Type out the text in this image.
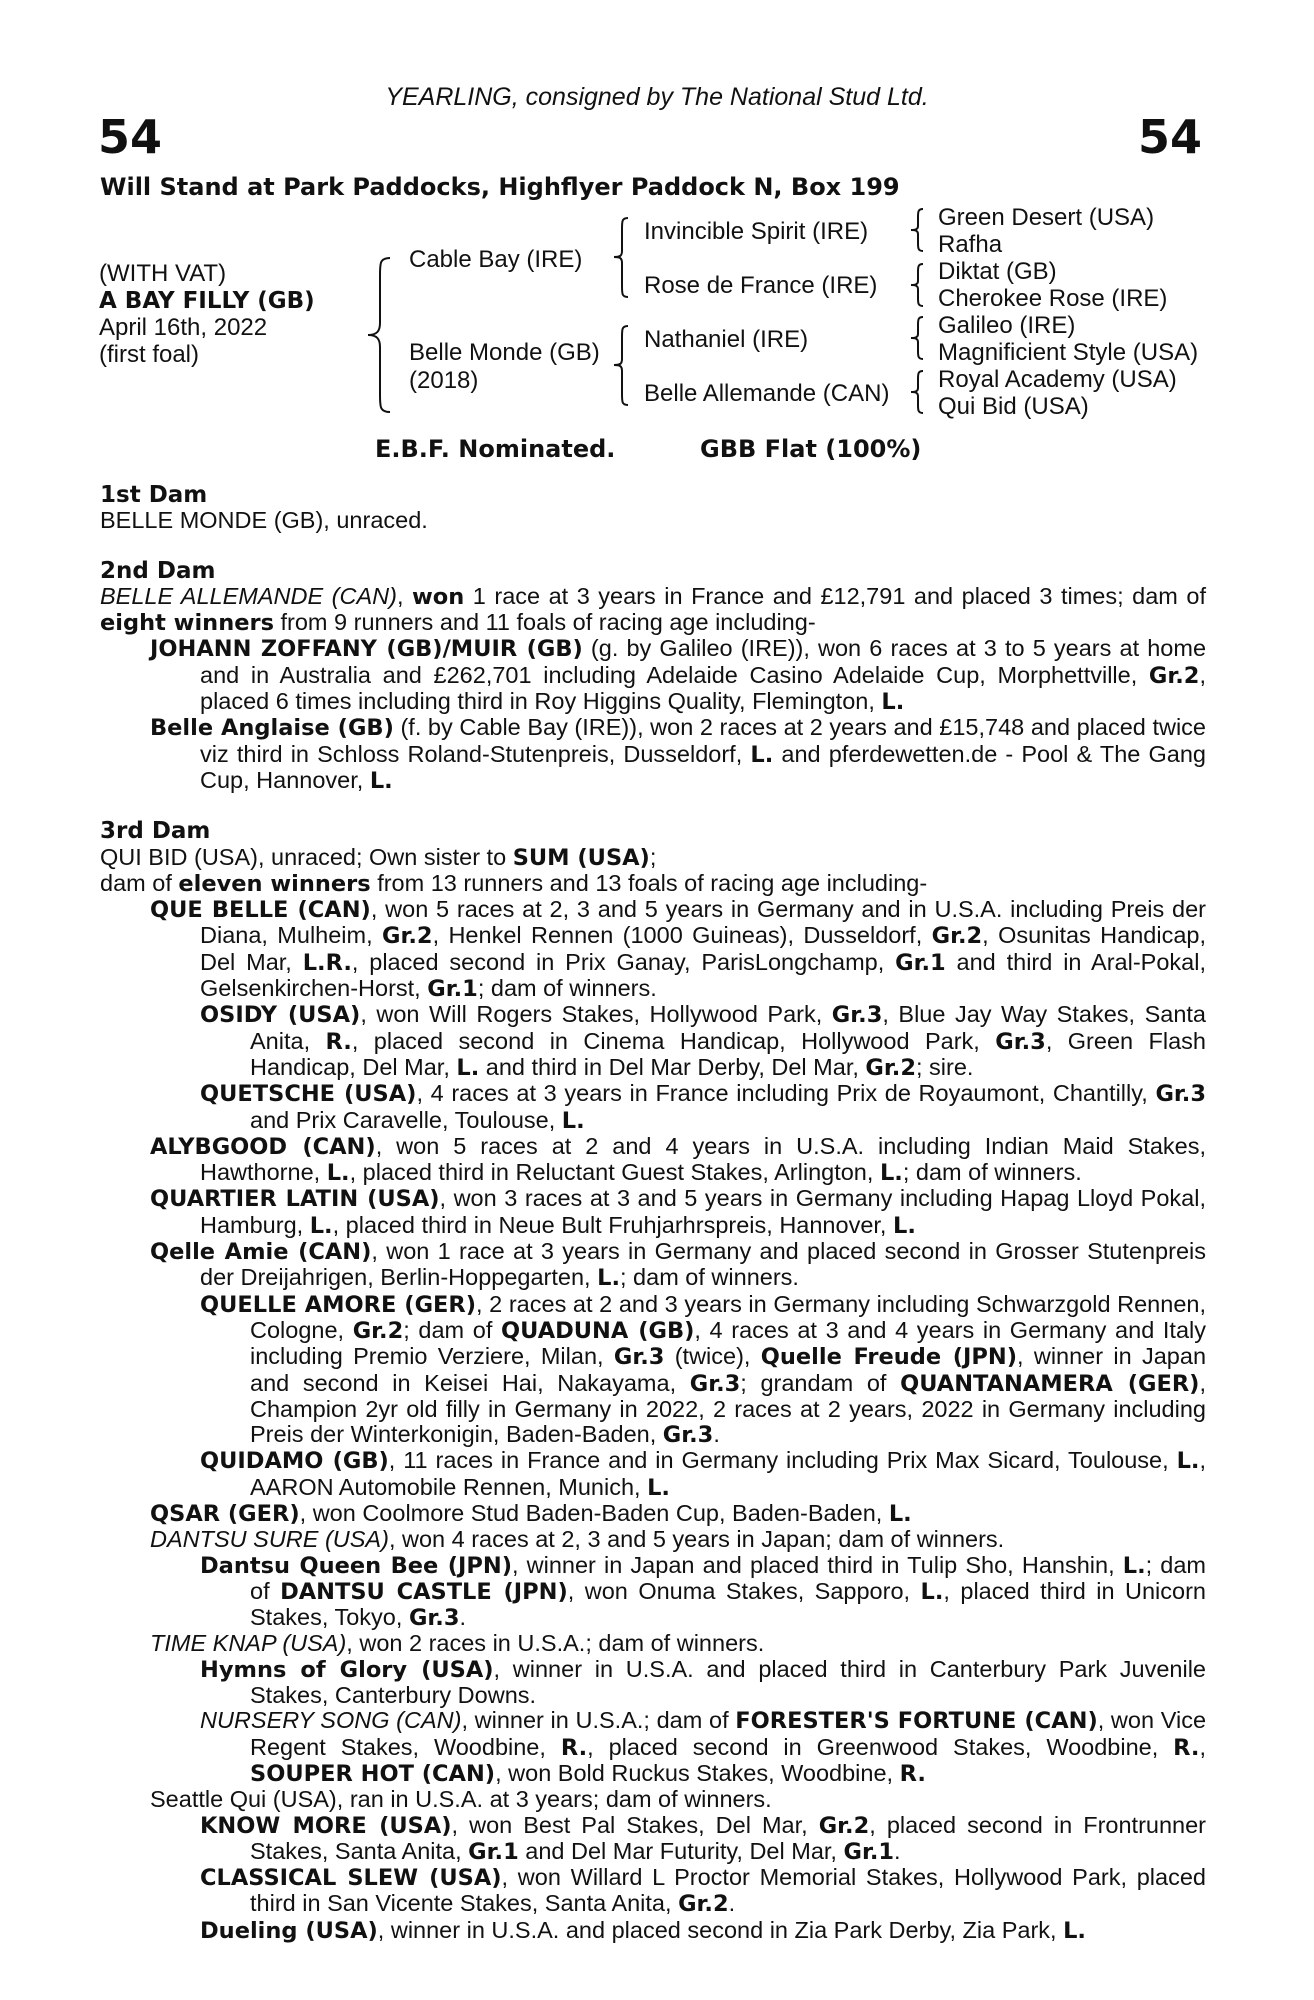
YEARLING, consigned by The National Stud Ltd.
54	54
Will Stand at Park Paddocks, Highflyer Paddock N, Box 199
(WITH VAT)
A BAY FILLY (GB)
April 16th, 2022
(first foal)
Cable Bay (IRE)
Belle Monde (GB)
(2018)
Invincible Spirit (IRE)
Rose de France (IRE)
Nathaniel (IRE)
Belle Allemande (CAN)
Green Desert (USA)
Rafha
Diktat (GB)
Cherokee Rose (IRE)
Galileo (IRE)
Magnificient Style (USA)
Royal Academy (USA)
Qui Bid (USA)
E.B.F. Nominated.	GBB Flat (100%)

1st Dam

BELLE MONDE (GB), unraced.

2nd Dam

BELLE ALLEMANDE (CAN), won 1 race at 3 years in France and £12,791 and placed 3 times; dam of eight winners from 9 runners and 11 foals of racing age including-

JOHANN ZOFFANY (GB)/MUIR (GB) (g. by Galileo (IRE)), won 6 races at 3 to 5 years at home and in Australia and £262,701 including Adelaide Casino Adelaide Cup, Morphettville, Gr.2, placed 6 times including third in Roy Higgins Quality, Flemington, L.

Belle Anglaise (GB) (f. by Cable Bay (IRE)), won 2 races at 2 years and £15,748 and placed twice viz third in Schloss Roland-Stutenpreis, Dusseldorf, L. and pferdewetten.de - Pool & The Gang Cup, Hannover, L.

3rd Dam

QUI BID (USA), unraced; Own sister to SUM (USA);
dam of eleven winners from 13 runners and 13 foals of racing age including-

QUE BELLE (CAN), won 5 races at 2, 3 and 5 years in Germany and in U.S.A. including Preis der Diana, Mulheim, Gr.2, Henkel Rennen (1000 Guineas), Dusseldorf, Gr.2, Osunitas Handicap, Del Mar, L.R., placed second in Prix Ganay, ParisLongchamp, Gr.1 and third in Aral-Pokal, Gelsenkirchen-Horst, Gr.1; dam of winners.

OSIDY (USA), won Will Rogers Stakes, Hollywood Park, Gr.3, Blue Jay Way Stakes, Santa Anita, R., placed second in Cinema Handicap, Hollywood Park, Gr.3, Green Flash Handicap, Del Mar, L. and third in Del Mar Derby, Del Mar, Gr.2; sire.

QUETSCHE (USA), 4 races at 3 years in France including Prix de Royaumont, Chantilly, Gr.3 and Prix Caravelle, Toulouse, L.

ALYBGOOD (CAN), won 5 races at 2 and 4 years in U.S.A. including Indian Maid Stakes, Hawthorne, L., placed third in Reluctant Guest Stakes, Arlington, L.; dam of winners.

QUARTIER LATIN (USA), won 3 races at 3 and 5 years in Germany including Hapag Lloyd Pokal, Hamburg, L., placed third in Neue Bult Fruhjarhrspreis, Hannover, L.

Qelle Amie (CAN), won 1 race at 3 years in Germany and placed second in Grosser Stutenpreis der Dreijahrigen, Berlin-Hoppegarten, L.; dam of winners.

QUELLE AMORE (GER), 2 races at 2 and 3 years in Germany including Schwarzgold Rennen, Cologne, Gr.2; dam of QUADUNA (GB), 4 races at 3 and 4 years in Germany and Italy including Premio Verziere, Milan, Gr.3 (twice), Quelle Freude (JPN), winner in Japan and second in Keisei Hai, Nakayama, Gr.3; grandam of QUANTANAMERA (GER), Champion 2yr old filly in Germany in 2022, 2 races at 2 years, 2022 in Germany including Preis der Winterkonigin, Baden-Baden, Gr.3.

QUIDAMO (GB), 11 races in France and in Germany including Prix Max Sicard, Toulouse, L., AARON Automobile Rennen, Munich, L.

QSAR (GER), won Coolmore Stud Baden-Baden Cup, Baden-Baden, L.

DANTSU SURE (USA), won 4 races at 2, 3 and 5 years in Japan; dam of winners.

Dantsu Queen Bee (JPN), winner in Japan and placed third in Tulip Sho, Hanshin, L.; dam of DANTSU CASTLE (JPN), won Onuma Stakes, Sapporo, L., placed third in Unicorn Stakes, Tokyo, Gr.3.

TIME KNAP (USA), won 2 races in U.S.A.; dam of winners.

Hymns of Glory (USA), winner in U.S.A. and placed third in Canterbury Park Juvenile Stakes, Canterbury Downs.

NURSERY SONG (CAN), winner in U.S.A.; dam of FORESTER'S FORTUNE (CAN), won Vice Regent Stakes, Woodbine, R., placed second in Greenwood Stakes, Woodbine, R., SOUPER HOT (CAN), won Bold Ruckus Stakes, Woodbine, R.

Seattle Qui (USA), ran in U.S.A. at 3 years; dam of winners.

KNOW MORE (USA), won Best Pal Stakes, Del Mar, Gr.2, placed second in Frontrunner Stakes, Santa Anita, Gr.1 and Del Mar Futurity, Del Mar, Gr.1.

CLASSICAL SLEW (USA), won Willard L Proctor Memorial Stakes, Hollywood Park, placed third in San Vicente Stakes, Santa Anita, Gr.2.

Dueling (USA), winner in U.S.A. and placed second in Zia Park Derby, Zia Park, L.
